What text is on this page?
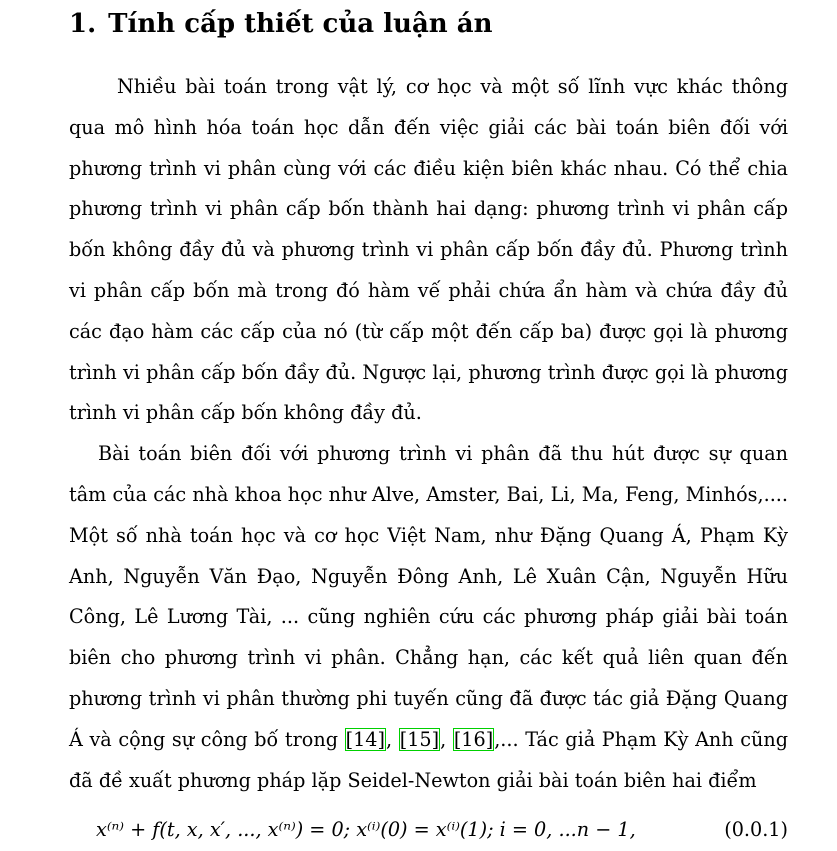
1. Tính cấp thiết của luận án

Nhiều bài toán trong vật lý, cơ học và một số lĩnh vực khác thông qua mô hình hóa toán học dẫn đến việc giải các bài toán biên đối với phương trình vi phân cùng với các điều kiện biên khác nhau. Có thể chia phương trình vi phân cấp bốn thành hai dạng: phương trình vi phân cấp bốn không đầy đủ và phương trình vi phân cấp bốn đầy đủ. Phương trình vi phân cấp bốn mà trong đó hàm vế phải chứa ẩn hàm và chứa đầy đủ các đạo hàm các cấp của nó (từ cấp một đến cấp ba) được gọi là phương trình vi phân cấp bốn đầy đủ. Ngược lại, phương trình được gọi là phương trình vi phân cấp bốn không đầy đủ.

Bài toán biên đối với phương trình vi phân đã thu hút được sự quan tâm của các nhà khoa học như Alve, Amster, Bai, Li, Ma, Feng, Minhós,.... Một số nhà toán học và cơ học Việt Nam, như Đặng Quang Á, Phạm Kỳ Anh, Nguyễn Văn Đạo, Nguyễn Đông Anh, Lê Xuân Cận, Nguyễn Hữu Công, Lê Lương Tài, ... cũng nghiên cứu các phương pháp giải bài toán biên cho phương trình vi phân. Chẳng hạn, các kết quả liên quan đến phương trình vi phân thường phi tuyến cũng đã được tác giả Đặng Quang Á và cộng sự công bố trong [14], [15], [16],... Tác giả Phạm Kỳ Anh cũng đã đề xuất phương pháp lặp Seidel-Newton giải bài toán biên hai điểm

x⁽ⁿ⁾ + f(t, x, x′, ..., x⁽ⁿ⁾) = 0; x⁽ⁱ⁾(0) = x⁽ⁱ⁾(1); i = 0, ...n − 1,	(0.0.1)
